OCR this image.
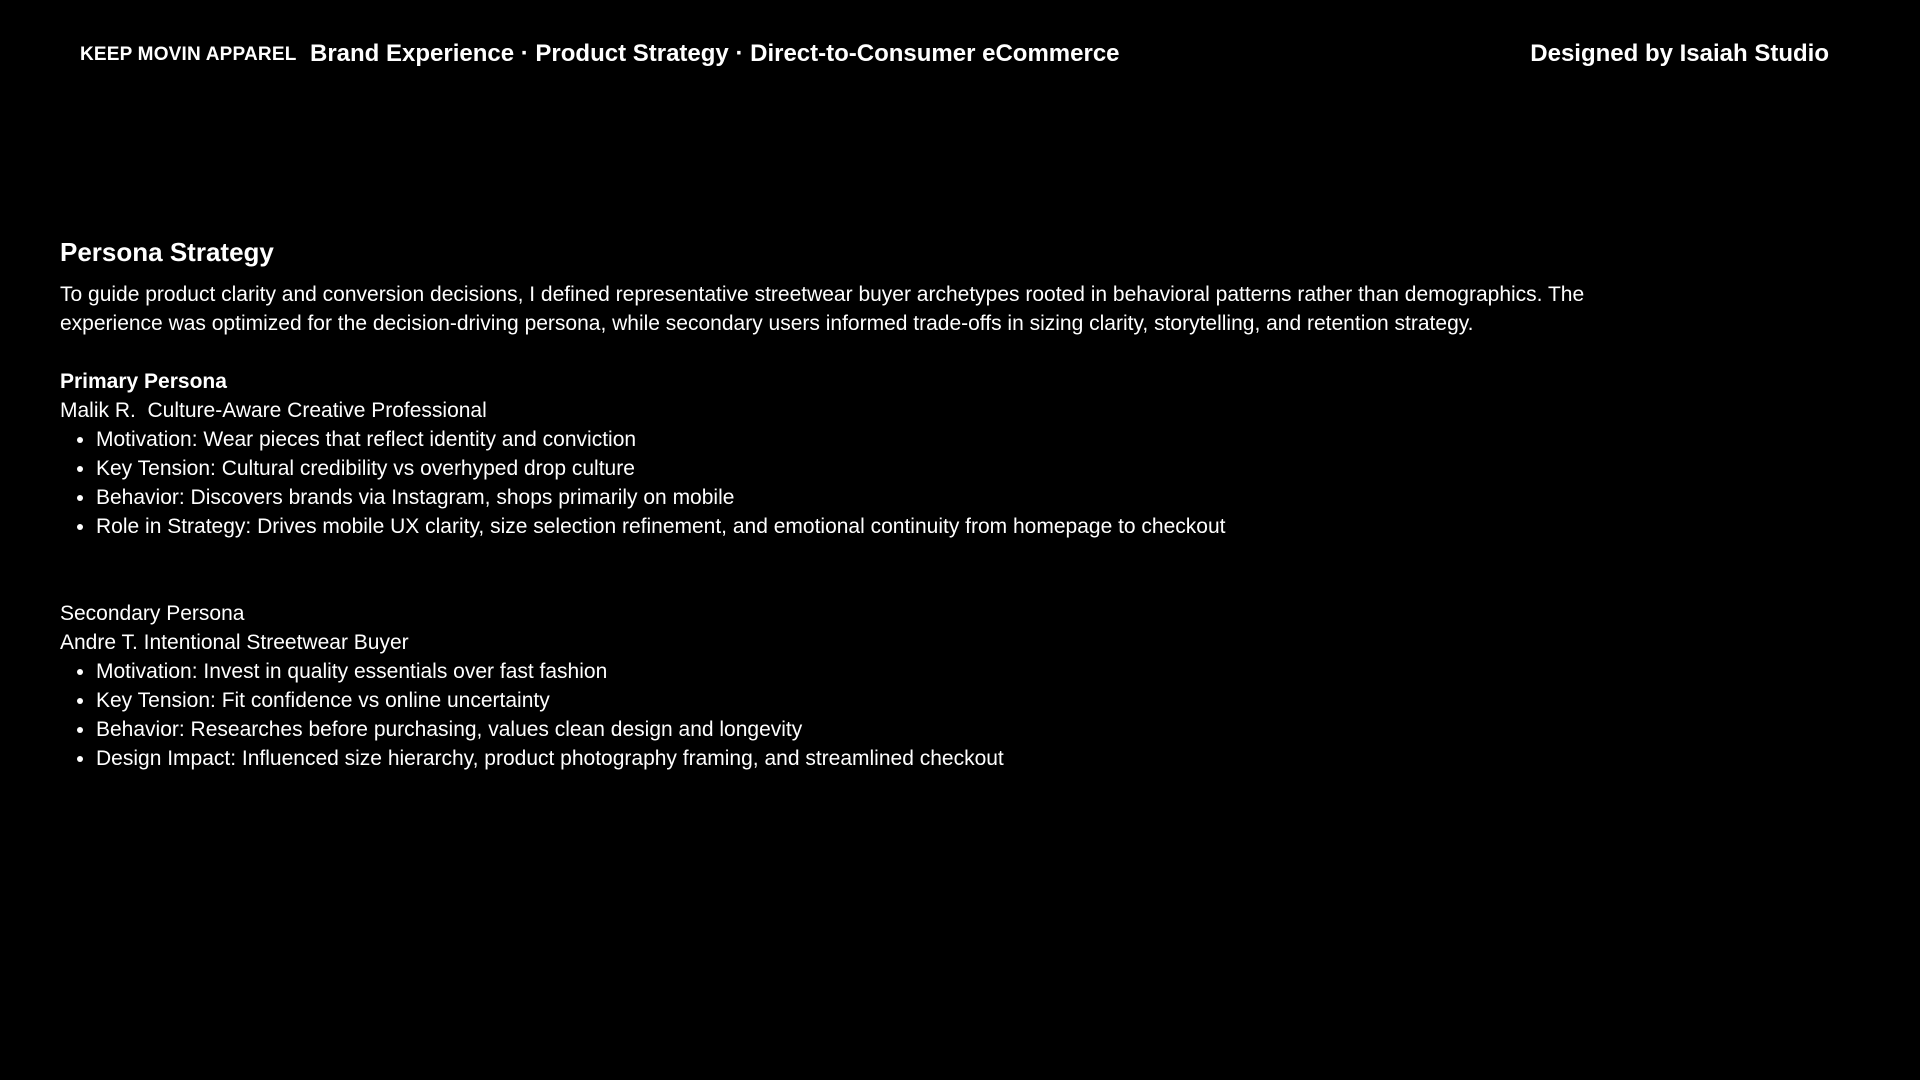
KEEP MOVIN APPAREL Brand Experience · Product Strategy · Direct-to-Consumer eCommerce	Designed by Isaiah Studio
Persona Strategy

To guide product clarity and conversion decisions, I defined representative streetwear buyer archetypes rooted in behavioral patterns rather than demographics. The experience was optimized for the decision-driving persona, while secondary users informed trade-offs in sizing clarity, storytelling, and retention strategy.

Primary Persona

Malik R.  Culture-Aware Creative Professional

• Motivation: Wear pieces that reflect identity and conviction
• Key Tension: Cultural credibility vs overhyped drop culture
• Behavior: Discovers brands via Instagram, shops primarily on mobile
• Role in Strategy: Drives mobile UX clarity, size selection refinement, and emotional continuity from homepage to checkout

Secondary Persona

Andre T. Intentional Streetwear Buyer

• Motivation: Invest in quality essentials over fast fashion
• Key Tension: Fit confidence vs online uncertainty
• Behavior: Researches before purchasing, values clean design and longevity
• Design Impact: Influenced size hierarchy, product photography framing, and streamlined checkout
